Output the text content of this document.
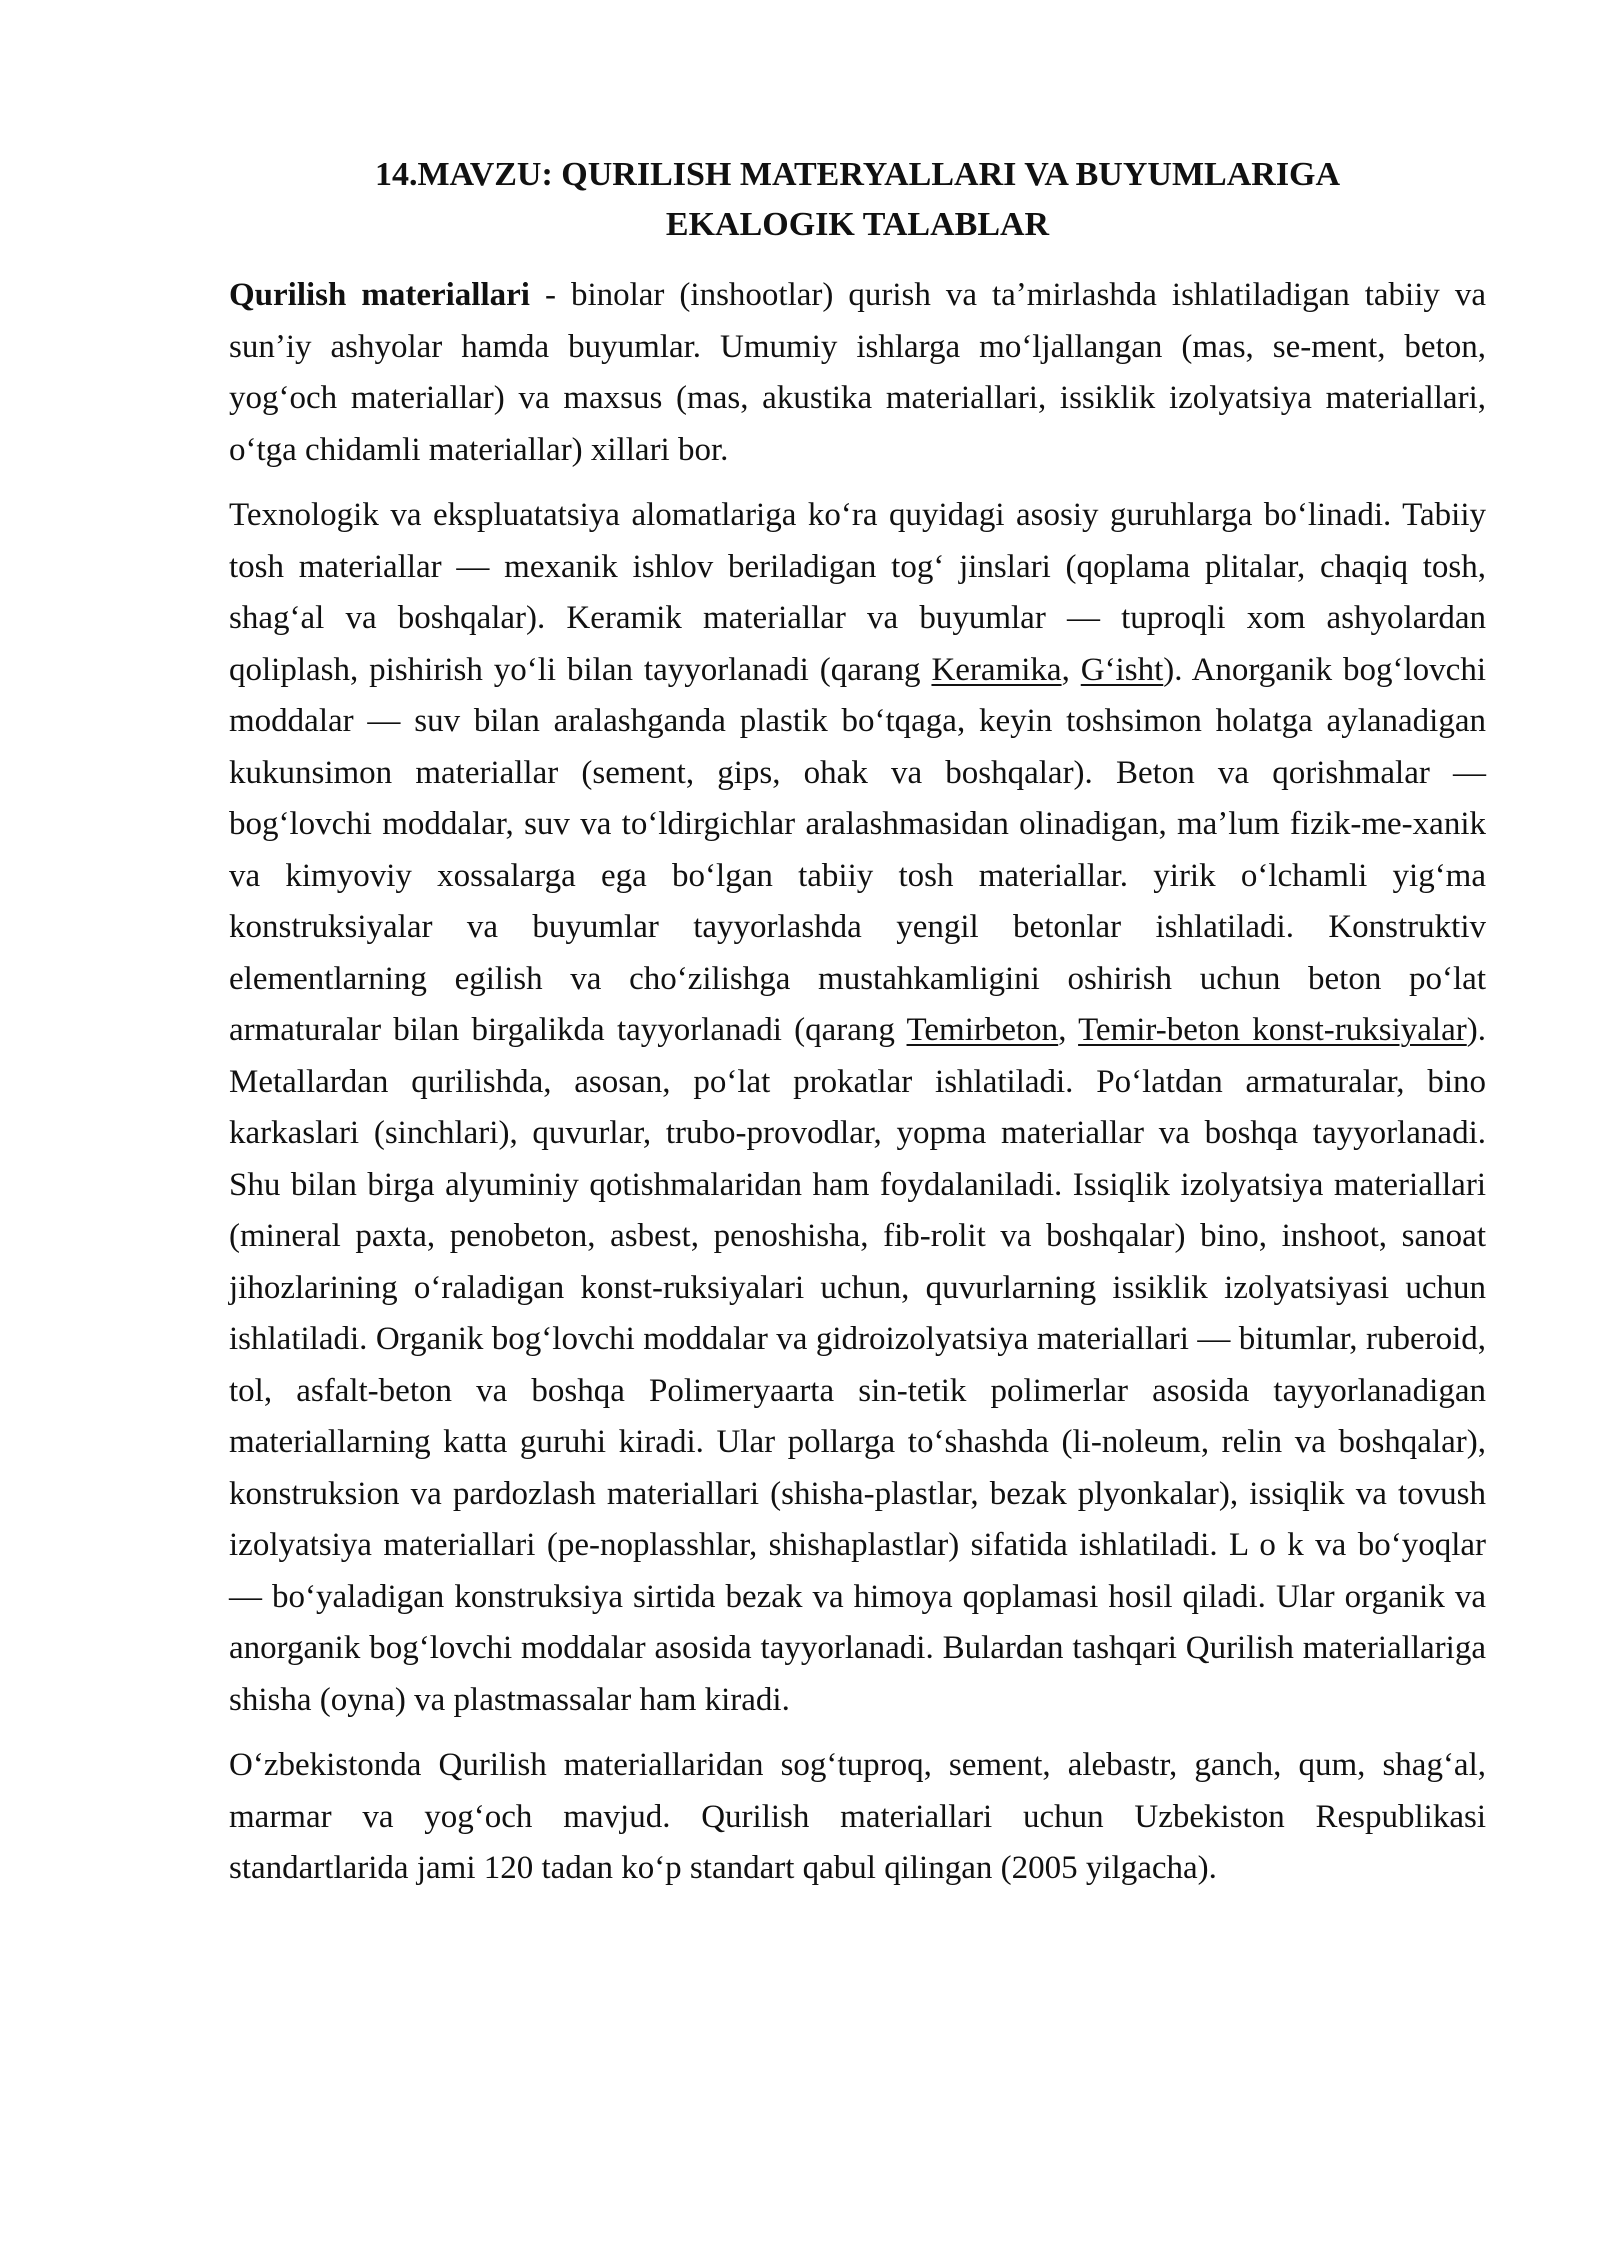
14.MAVZU: QURILISH MATERYALLARI VA BUYUMLARIGA
EKALOGIK TALABLAR

Qurilish materiallari - binolar (inshootlar) qurish va taʼmirlashda ishlatiladigan tabiiy va sunʼiy ashyolar hamda buyumlar. Umumiy ishlarga moʻljallangan (mas, se-ment, beton, yogʻoch materiallar) va maxsus (mas, akustika materiallari, issiklik izolyatsiya materiallari, oʻtga chidamli materiallar) xillari bor.

Texnologik va ekspluatatsiya alomatlariga koʻra quyidagi asosiy guruhlarga boʻlinadi. Tabiiy tosh materiallar — mexanik ishlov beriladigan togʻ jinslari (qoplama plitalar, chaqiq tosh, shagʻal va boshqalar). Keramik materiallar va buyumlar — tuproqli xom ashyolardan qoliplash, pishirish yoʻli bilan tayyorlanadi (qarang Keramika, Gʻisht). Anorganik bogʻlovchi moddalar — suv bilan aralashganda plastik boʻtqaga, keyin toshsimon holatga aylanadigan kukunsimon materiallar (sement, gips, ohak va boshqalar). Beton va qorishmalar — bogʻlovchi moddalar, suv va toʻldirgichlar aralashmasidan olinadigan, maʼlum fizik-me-xanik va kimyoviy xossalarga ega boʻlgan tabiiy tosh materiallar. yirik oʻlchamli yigʻma konstruksiyalar va buyumlar tayyorlashda yengil betonlar ishlatiladi. Konstruktiv elementlarning egilish va choʻzilishga mustahkamligini oshirish uchun beton poʻlat armaturalar bilan birgalikda tayyorlanadi (qarang Temirbeton, Temir-beton konst-ruksiyalar). Metallardan qurilishda, asosan, poʻlat prokatlar ishlatiladi. Poʻlatdan armaturalar, bino karkaslari (sinchlari), quvurlar, trubo-provodlar, yopma materiallar va boshqa tayyorlanadi. Shu bilan birga alyuminiy qotishmalaridan ham foydalaniladi. Issiqlik izolyatsiya materiallari (mineral paxta, penobeton, asbest, penoshisha, fib-rolit va boshqalar) bino, inshoot, sanoat jihozlarining oʻraladigan konst-ruksiyalari uchun, quvurlarning issiklik izolyatsiyasi uchun ishlatiladi. Organik bogʻlovchi moddalar va gidroizolyatsiya materiallari — bitumlar, ruberoid, tol, asfalt-beton va boshqa Polimeryaarta sin-tetik polimerlar asosida tayyorlanadigan materiallarning katta guruhi kiradi. Ular pollarga toʻshashda (li-noleum, relin va boshqalar), konstruksion va pardozlash materiallari (shisha-plastlar, bezak plyonkalar), issiqlik va tovush izolyatsiya materiallari (pe-noplasshlar, shishaplastlar) sifatida ishlatiladi. L o k va boʻyoqlar — boʻyaladigan konstruksiya sirtida bezak va himoya qoplamasi hosil qiladi. Ular organik va anorganik bogʻlovchi moddalar asosida tayyorlanadi. Bulardan tashqari Qurilish materiallariga shisha (oyna) va plastmassalar ham kiradi.

Oʻzbekistonda Qurilish materiallaridan sogʻtuproq, sement, alebastr, ganch, qum, shagʻal, marmar va yogʻoch mavjud. Qurilish materiallari uchun Uzbekiston Respublikasi standartlarida jami 120 tadan koʻp standart qabul qilingan (2005 yilgacha).
